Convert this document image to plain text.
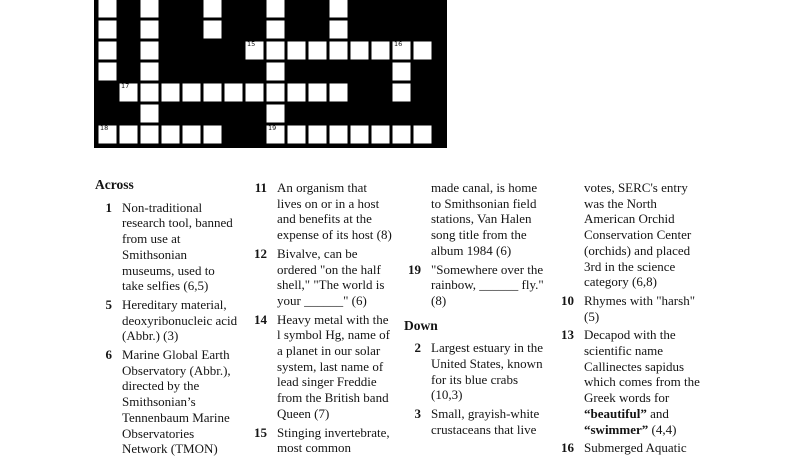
15	16
17
18	19
Across
1 Non-traditional
research tool, banned
from use at
Smithsonian
museums, used to
take selfies (6,5)
5 Hereditary material,
deoxyribonucleic acid
(Abbr.) (3)
6 Marine Global Earth
Observatory (Abbr.),
directed by the
Smithsonian’s
Tennenbaum Marine
Observatories
Network (TMON)
11 An organism that
lives on or in a host
and benefits at the
expense of its host (8)
12 Bivalve, can be
ordered "on the half
shell," "The world is
your ______" (6)
14 Heavy metal with the
l symbol Hg, name of
a planet in our solar
system, last name of
lead singer Freddie
from the British band
Queen (7)
15 Stinging invertebrate,
most common
made canal, is home
to Smithsonian field
stations, Van Halen
song title from the
album 1984 (6)
19 "Somewhere over the
rainbow, ______ fly."
(8)
Down
2 Largest estuary in the
United States, known
for its blue crabs
(10,3)
3 Small, grayish-white
crustaceans that live
votes, SERC's entry
was the North
American Orchid
Conservation Center
(orchids) and placed
3rd in the science
category (6,8)
10 Rhymes with "harsh"
(5)
13 Decapod with the
scientific name
Callinectes sapidus
which comes from the
Greek words for
“beautiful” and
“swimmer” (4,4)
16 Submerged Aquatic
